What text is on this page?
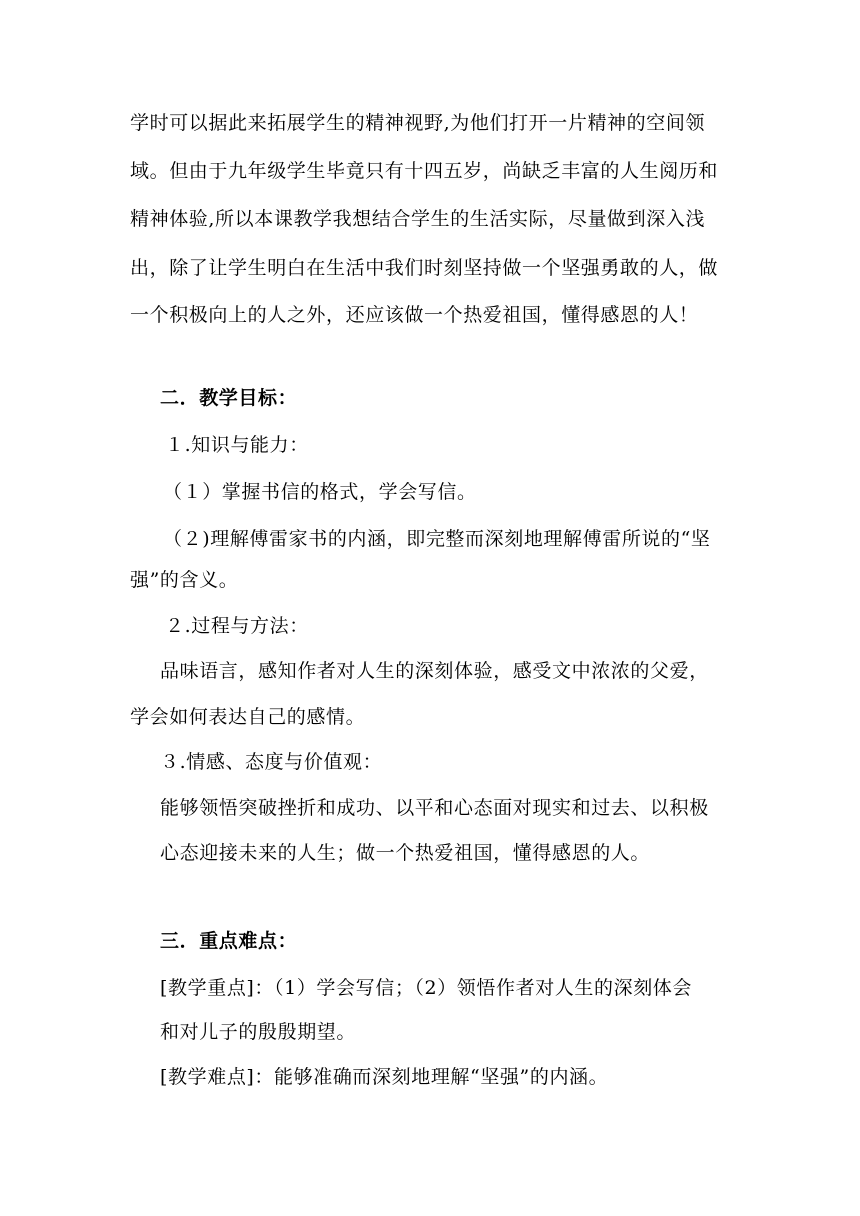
学时可以据此来拓展学生的精神视野,为他们打开一片精神的空间领
域。但由于九年级学生毕竟只有十四五岁，尚缺乏丰富的人生阅历和
精神体验,所以本课教学我想结合学生的生活实际，尽量做到深入浅
出，除了让学生明白在生活中我们时刻坚持做一个坚强勇敢的人，做
一个积极向上的人之外，还应该做一个热爱祖国，懂得感恩的人！
二．教学目标：
１.知识与能力：
（１）掌握书信的格式，学会写信。
（２)理解傅雷家书的内涵，即完整而深刻地理解傅雷所说的“坚
强”的含义。
２.过程与方法：
品味语言，感知作者对人生的深刻体验，感受文中浓浓的父爱，
学会如何表达自己的感情。
３.情感、态度与价值观：
能够领悟突破挫折和成功、以平和心态面对现实和过去、以积极
心态迎接未来的人生；做一个热爱祖国，懂得感恩的人。
三．重点难点：
[教学重点]：（1）学会写信；（2）领悟作者对人生的深刻体会
和对儿子的殷殷期望。
[教学难点]：能够准确而深刻地理解“坚强”的内涵。
